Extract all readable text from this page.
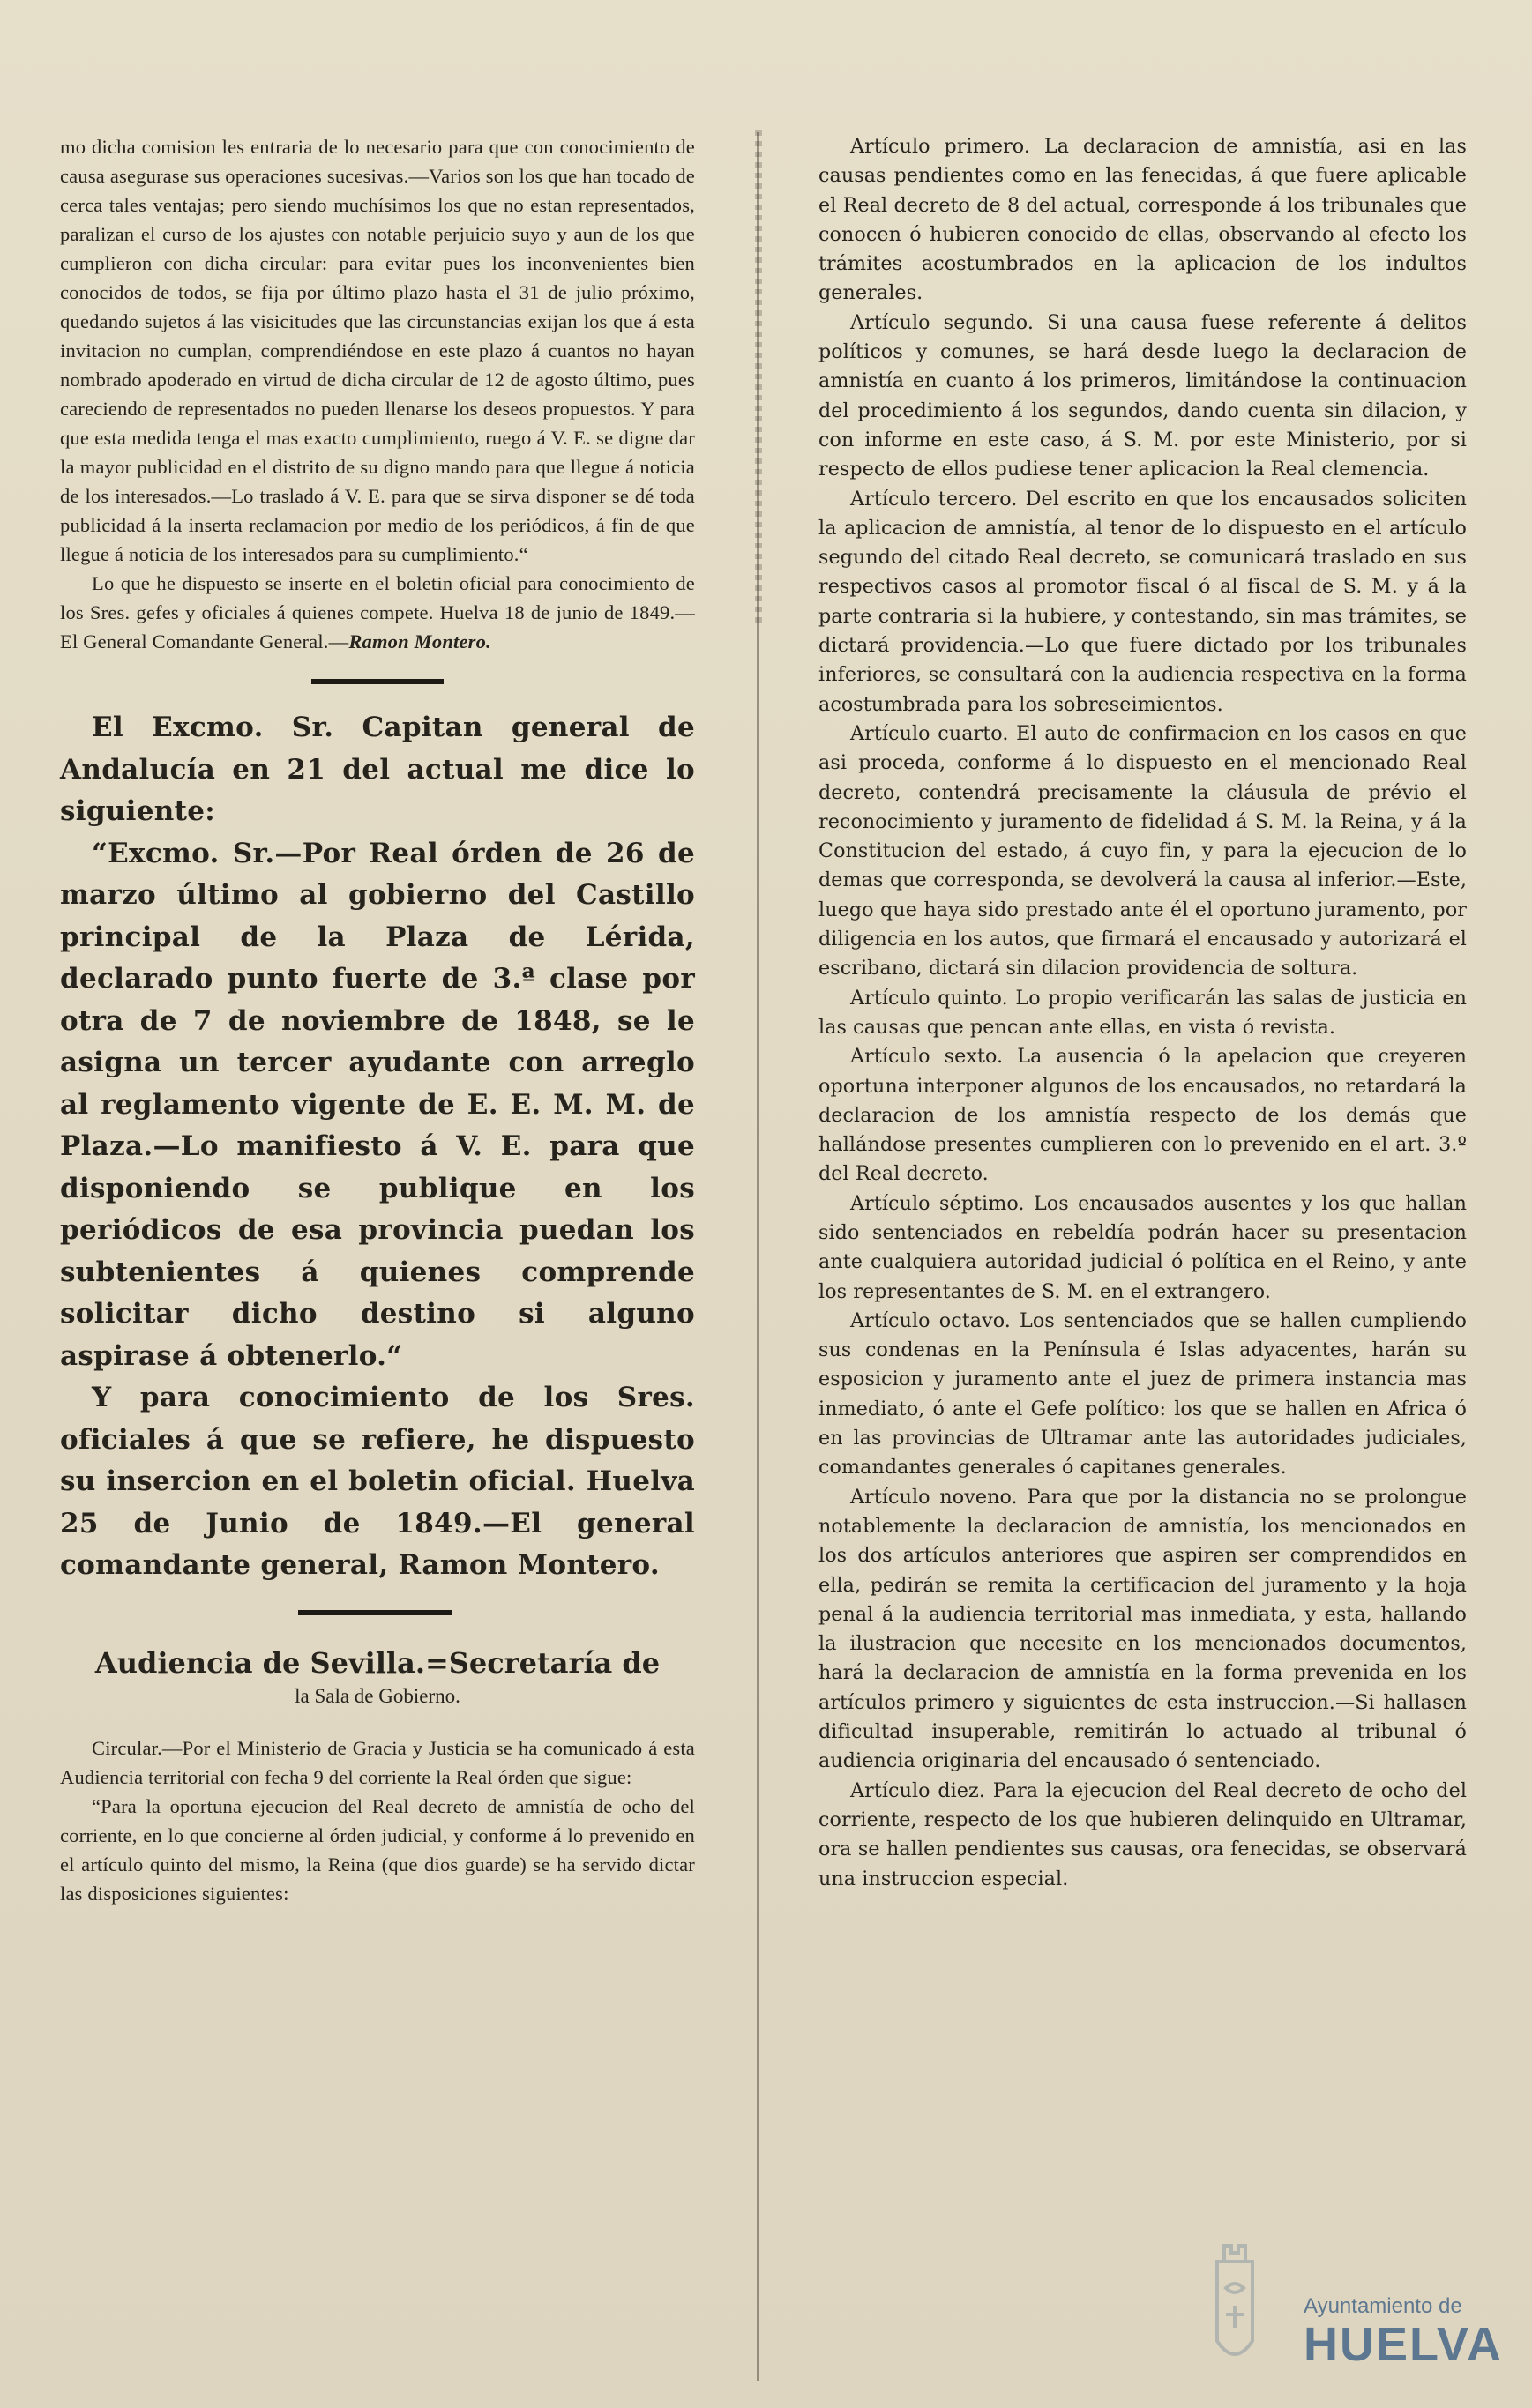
mo dicha comision les entraria de lo necesario para que con conocimiento de causa asegurase sus operaciones sucesivas.—Varios son los que han tocado de cerca tales ventajas; pero siendo muchísimos los que no estan representados, paralizan el curso de los ajustes con notable perjuicio suyo y aun de los que cumplieron con dicha circular: para evitar pues los inconvenientes bien conocidos de todos, se fija por último plazo hasta el 31 de julio próximo, quedando sujetos á las visicitudes que las circunstancias exijan los que á esta invitacion no cumplan, comprendiéndose en este plazo á cuantos no hayan nombrado apoderado en virtud de dicha circular de 12 de agosto último, pues careciendo de representados no pueden llenarse los deseos propuestos. Y para que esta medida tenga el mas exacto cumplimiento, ruego á V. E. se digne dar la mayor publicidad en el distrito de su digno mando para que llegue á noticia de los interesados.—Lo traslado á V. E. para que se sirva disponer se dé toda publicidad á la inserta reclamacion por medio de los periódicos, á fin de que llegue á noticia de los interesados para su cumplimiento.“

Lo que he dispuesto se inserte en el boletin oficial para conocimiento de los Sres. gefes y oficiales á quienes compete. Huelva 18 de junio de 1849.—El General Comandante General.—Ramon Montero.

El Excmo. Sr. Capitan general de Andalucía en 21 del actual me dice lo siguiente:

“Excmo. Sr.—Por Real órden de 26 de marzo último al gobierno del Castillo principal de la Plaza de Lérida, declarado punto fuerte de 3.ª clase por otra de 7 de noviembre de 1848, se le asigna un tercer ayudante con arreglo al reglamento vigente de E. E. M. M. de Plaza.—Lo manifiesto á V. E. para que disponiendo se publique en los periódicos de esa provincia puedan los subtenientes á quienes comprende solicitar dicho destino si alguno aspirase á obtenerlo.“

Y para conocimiento de los Sres. oficiales á que se refiere, he dispuesto su insercion en el boletin oficial. Huelva 25 de Junio de 1849.—El general comandante general, Ramon Montero.

Audiencia de Sevilla.=Secretaría de
la Sala de Gobierno.

Circular.—Por el Ministerio de Gracia y Justicia se ha comunicado á esta Audiencia territorial con fecha 9 del corriente la Real órden que sigue:

“Para la oportuna ejecucion del Real decreto de amnistía de ocho del corriente, en lo que concierne al órden judicial, y conforme á lo prevenido en el artículo quinto del mismo, la Reina (que dios guarde) se ha servido dictar las disposiciones siguientes:

Artículo primero. La declaracion de amnistía, asi en las causas pendientes como en las fenecidas, á que fuere aplicable el Real decreto de 8 del actual, corresponde á los tribunales que conocen ó hubieren conocido de ellas, observando al efecto los trámites acostumbrados en la aplicacion de los indultos generales.

Artículo segundo. Si una causa fuese referente á delitos políticos y comunes, se hará desde luego la declaracion de amnistía en cuanto á los primeros, limitándose la continuacion del procedimiento á los segundos, dando cuenta sin dilacion, y con informe en este caso, á S. M. por este Ministerio, por si respecto de ellos pudiese tener aplicacion la Real clemencia.

Artículo tercero. Del escrito en que los encausados soliciten la aplicacion de amnistía, al tenor de lo dispuesto en el artículo segundo del citado Real decreto, se comunicará traslado en sus respectivos casos al promotor fiscal ó al fiscal de S. M. y á la parte contraria si la hubiere, y contestando, sin mas trámites, se dictará providencia.—Lo que fuere dictado por los tribunales inferiores, se consultará con la audiencia respectiva en la forma acostumbrada para los sobreseimientos.

Artículo cuarto. El auto de confirmacion en los casos en que asi proceda, conforme á lo dispuesto en el mencionado Real decreto, contendrá precisamente la cláusula de prévio el reconocimiento y juramento de fidelidad á S. M. la Reina, y á la Constitucion del estado, á cuyo fin, y para la ejecucion de lo demas que corresponda, se devolverá la causa al inferior.—Este, luego que haya sido prestado ante él el oportuno juramento, por diligencia en los autos, que firmará el encausado y autorizará el escribano, dictará sin dilacion providencia de soltura.

Artículo quinto. Lo propio verificarán las salas de justicia en las causas que pencan ante ellas, en vista ó revista.

Artículo sexto. La ausencia ó la apelacion que creyeren oportuna interponer algunos de los encausados, no retardará la declaracion de los amnistía respecto de los demás que hallándose presentes cumplieren con lo prevenido en el art. 3.º del Real decreto.

Artículo séptimo. Los encausados ausentes y los que hallan sido sentenciados en rebeldía podrán hacer su presentacion ante cualquiera autoridad judicial ó política en el Reino, y ante los representantes de S. M. en el extrangero.

Artículo octavo. Los sentenciados que se hallen cumpliendo sus condenas en la Península é Islas adyacentes, harán su esposicion y juramento ante el juez de primera instancia mas inmediato, ó ante el Gefe político: los que se hallen en Africa ó en las provincias de Ultramar ante las autoridades judiciales, comandantes generales ó capitanes generales.

Artículo noveno. Para que por la distancia no se prolongue notablemente la declaracion de amnistía, los mencionados en los dos artículos anteriores que aspiren ser comprendidos en ella, pedirán se remita la certificacion del juramento y la hoja penal á la audiencia territorial mas inmediata, y esta, hallando la ilustracion que necesite en los mencionados documentos, hará la declaracion de amnistía en la forma prevenida en los artículos primero y siguientes de esta instruccion.—Si hallasen dificultad insuperable, remitirán lo actuado al tribunal ó audiencia originaria del encausado ó sentenciado.

Artículo diez. Para la ejecucion del Real decreto de ocho del corriente, respecto de los que hubieren delinquido en Ultramar, ora se hallen pendientes sus causas, ora fenecidas, se observará una instruccion especial.

Ayuntamiento de
HUELVA
